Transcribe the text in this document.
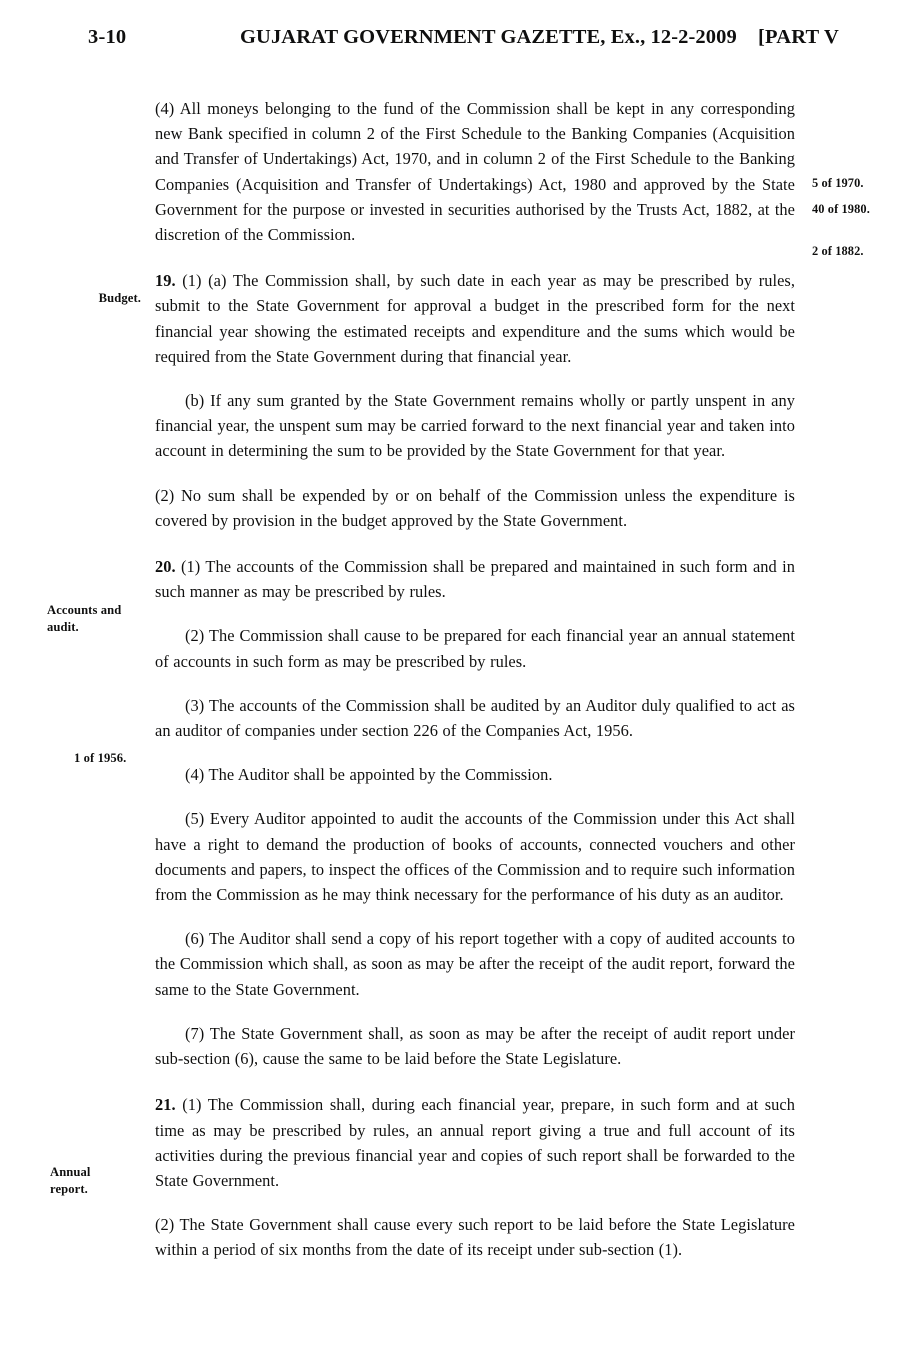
3-10	GUJARAT GOVERNMENT GAZETTE, Ex., 12-2-2009 [PART V
Budget.
Accounts and
audit.
1 of 1956.
Annual
report.
5 of 1970.
40 of 1980.
2 of 1882.

(4) All moneys belonging to the fund of the Commission shall be kept in any corresponding new Bank specified in column 2 of the First Schedule to the Banking Companies (Acquisition and Transfer of Undertakings) Act, 1970, and in column 2 of the First Schedule to the Banking Companies (Acquisition and Transfer of Undertakings) Act, 1980 and approved by the State Government for the purpose or invested in securities authorised by the Trusts Act, 1882, at the discretion of the Commission.

19. (1) (a) The Commission shall, by such date in each year as may be prescribed by rules, submit to the State Government for approval a budget in the prescribed form for the next financial year showing the estimated receipts and expenditure and the sums which would be required from the State Government during that financial year.

(b) If any sum granted by the State Government remains wholly or partly unspent in any financial year, the unspent sum may be carried forward to the next financial year and taken into account in determining the sum to be provided by the State Government for that year.

(2) No sum shall be expended by or on behalf of the Commission unless the expenditure is covered by provision in the budget approved by the State Government.

20. (1) The accounts of the Commission shall be prepared and maintained in such form and in such manner as may be prescribed by rules.

(2) The Commission shall cause to be prepared for each financial year an annual statement of accounts in such form as may be prescribed by rules.

(3) The accounts of the Commission shall be audited by an Auditor duly qualified to act as an auditor of companies under section 226 of the Companies Act, 1956.

(4) The Auditor shall be appointed by the Commission.

(5) Every Auditor appointed to audit the accounts of the Commission under this Act shall have a right to demand the production of books of accounts, connected vouchers and other documents and papers, to inspect the offices of the Commission and to require such information from the Commission as he may think necessary for the performance of his duty as an auditor.

(6) The Auditor shall send a copy of his report together with a copy of audited accounts to the Commission which shall, as soon as may be after the receipt of the audit report, forward the same to the State Government.

(7) The State Government shall, as soon as may be after the receipt of audit report under sub-section (6), cause the same to be laid before the State Legislature.

21. (1) The Commission shall, during each financial year, prepare, in such form and at such time as may be prescribed by rules, an annual report giving a true and full account of its activities during the previous financial year and copies of such report shall be forwarded to the State Government.

(2) The State Government shall cause every such report to be laid before the State Legislature within a period of six months from the date of its receipt under sub-section (1).
